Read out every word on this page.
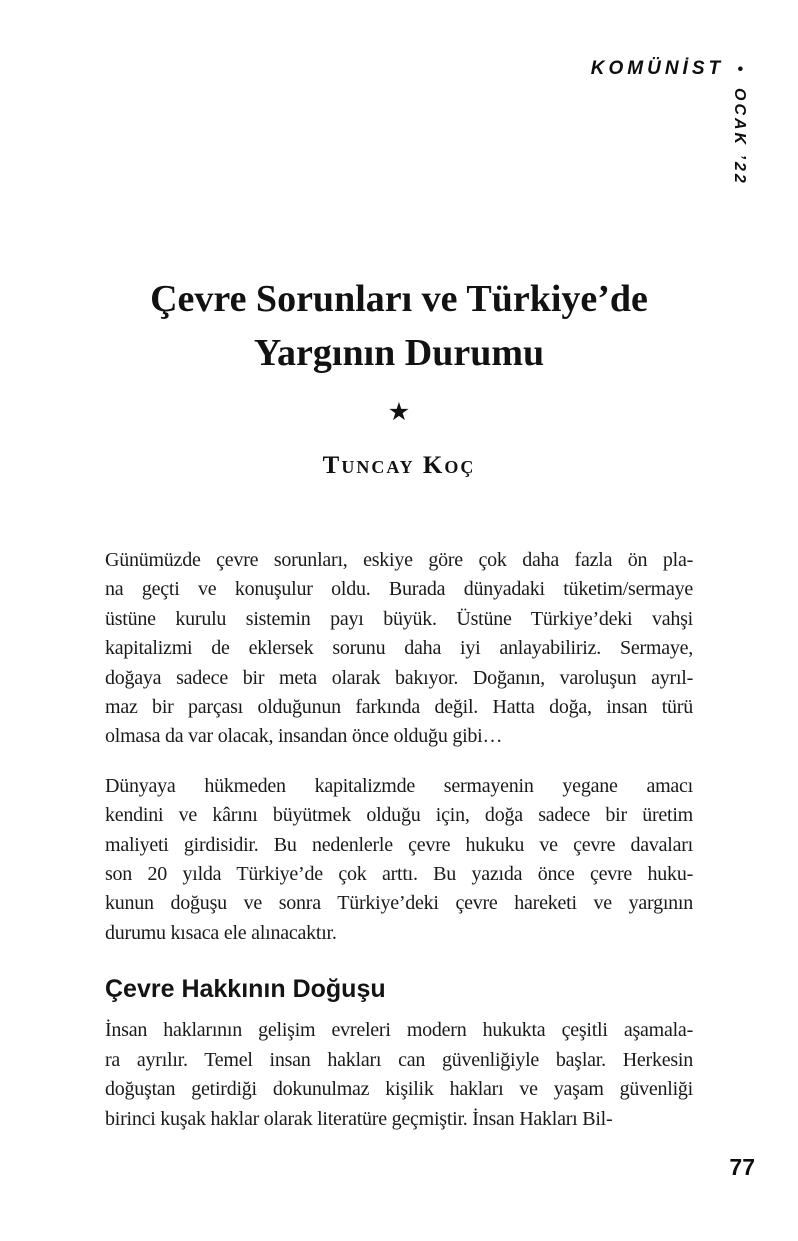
KOMÜNİST •
OCAK ’22
Çevre Sorunları ve Türkiye’de
Yargının Durumu
★
Tuncay Koç
Günümüzde çevre sorunları, eskiye göre çok daha fazla ön pla-
na geçti ve konuşulur oldu. Burada dünyadaki tüketim/sermaye
üstüne kurulu sistemin payı büyük. Üstüne Türkiye’deki vahşi
kapitalizmi de eklersek sorunu daha iyi anlayabiliriz. Sermaye,
doğaya sadece bir meta olarak bakıyor. Doğanın, varoluşun ayrıl-
maz bir parçası olduğunun farkında değil. Hatta doğa, insan türü
olmasa da var olacak, insandan önce olduğu gibi…
Dünyaya hükmeden kapitalizmde sermayenin yegane amacı
kendini ve kârını büyütmek olduğu için, doğa sadece bir üretim
maliyeti girdisidir. Bu nedenlerle çevre hukuku ve çevre davaları
son 20 yılda Türkiye’de çok arttı. Bu yazıda önce çevre huku-
kunun doğuşu ve sonra Türkiye’deki çevre hareketi ve yargının
durumu kısaca ele alınacaktır.
Çevre Hakkının Doğuşu
İnsan haklarının gelişim evreleri modern hukukta çeşitli aşamala-
ra ayrılır. Temel insan hakları can güvenliğiyle başlar. Herkesin
doğuştan getirdiği dokunulmaz kişilik hakları ve yaşam güvenliği
birinci kuşak haklar olarak literatüre geçmiştir. İnsan Hakları Bil-
77
